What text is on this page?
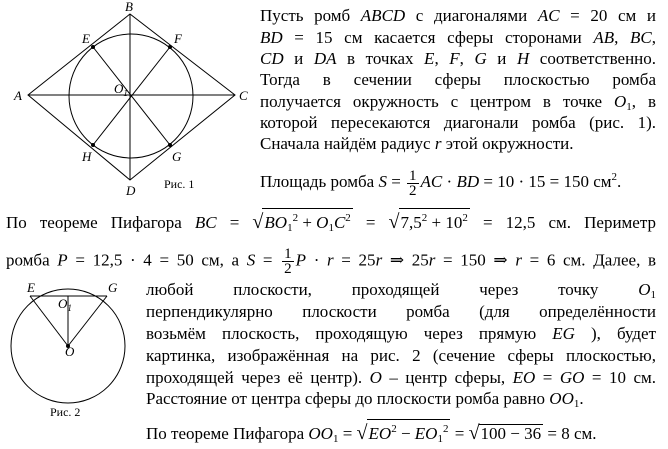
B
A	C
D
E	F
H	G
$O_1$
Рис. 1
E	G
$O_1$
O
Рис. 2
Пусть ромб ABCD с диагоналями AC = 20 см и
BD = 15 см касается сферы сторонами AB, BC,
CD и DA в точках E, F, G и H соответственно.
Тогда в сечении сферы плоскостью ромба
получается окружность с центром в точке $O_1$, в
которой пересекаются диагонали ромба (рис. 1).
Сначала найдём радиус r этой окружности.
Площадь ромба $S = \frac{1}{2}$ AC · BD = 10 · 15 = 150 $см^2$.
По теореме Пифагора BC = $√BO_1^2 + O_1C^2 = √7,5^2 + 10^2 = 12,5$ см. Периметр
ромба P = 12,5 · 4 = 50 см, а $S = \frac{1}{2}$ P · r = 25r ⇒ 25r = 150 ⇒ r = 6 см. Далее, в
любой плоскости, проходящей через точку $O_1$
перпендикулярно плоскости ромба (для определённости
возьмём плоскость, проходящую через прямую EG ), будет
картинка, изображённая на рис. 2 (сечение сферы плоскостью,
проходящей через её центр). O – центр сферы, EO = GO = 10 см.
Расстояние от центра сферы до плоскости ромба равно $OO_1$.
По теореме Пифагора $OO_1 = √EO^2 - EO_1^2 = √100 - 36 = 8$ см.
